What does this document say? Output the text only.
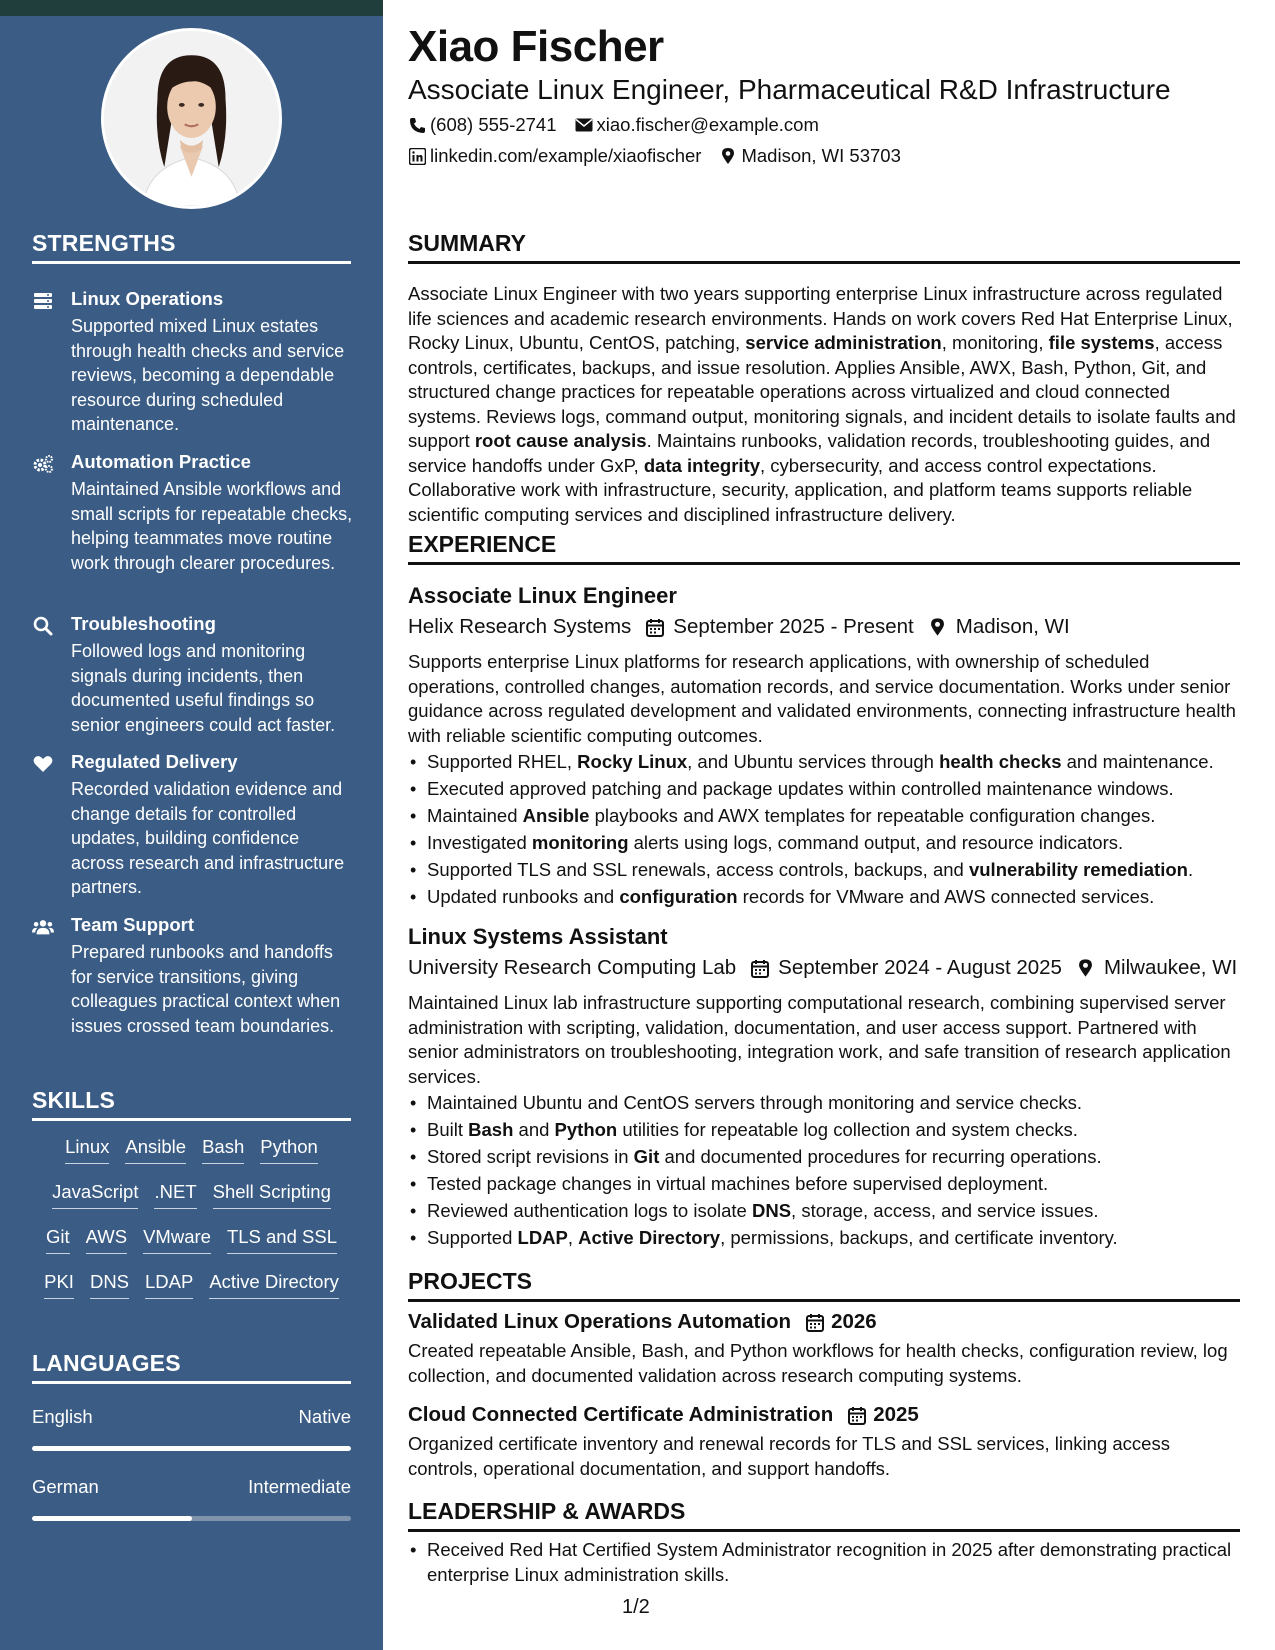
STRENGTHS
Linux Operations
Supported mixed Linux estates through health checks and service reviews, becoming a dependable resource during scheduled maintenance.
Automation Practice
Maintained Ansible workflows and small scripts for repeatable checks, helping teammates move routine work through clearer procedures.
Troubleshooting
Followed logs and monitoring signals during incidents, then documented useful findings so senior engineers could act faster.
Regulated Delivery
Recorded validation evidence and change details for controlled updates, building confidence across research and infrastructure partners.
Team Support
Prepared runbooks and handoffs for service transitions, giving colleagues practical context when issues crossed team boundaries.
SKILLS
Linux Ansible Bash Python
JavaScript .NET Shell Scripting
Git AWS VMware TLS and SSL
PKI DNS LDAP Active Directory
LANGUAGES
English	Native
German	Intermediate
Xiao Fischer
Associate Linux Engineer, Pharmaceutical R&D Infrastructure
(608) 555-2741 xiao.fischer@example.com
linkedin.com/example/xiaofischer Madison, WI 53703
SUMMARY
Associate Linux Engineer with two years supporting enterprise Linux infrastructure across regulated life sciences and academic research environments. Hands on work covers Red Hat Enterprise Linux, Rocky Linux, Ubuntu, CentOS, patching, service administration, monitoring, file systems, access controls, certificates, backups, and issue resolution. Applies Ansible, AWX, Bash, Python, Git, and structured change practices for repeatable operations across virtualized and cloud connected systems. Reviews logs, command output, monitoring signals, and incident details to isolate faults and support root cause analysis. Maintains runbooks, validation records, troubleshooting guides, and service handoffs under GxP, data integrity, cybersecurity, and access control expectations. Collaborative work with infrastructure, security, application, and platform teams supports reliable scientific computing services and disciplined infrastructure delivery.
EXPERIENCE
Associate Linux Engineer
Helix Research Systems September 2025 - Present Madison, WI
Supports enterprise Linux platforms for research applications, with ownership of scheduled operations, controlled changes, automation records, and service documentation. Works under senior guidance across regulated development and validated environments, connecting infrastructure health with reliable scientific computing outcomes.
• Supported RHEL, Rocky Linux, and Ubuntu services through health checks and maintenance.
• Executed approved patching and package updates within controlled maintenance windows.
• Maintained Ansible playbooks and AWX templates for repeatable configuration changes.
• Investigated monitoring alerts using logs, command output, and resource indicators.
• Supported TLS and SSL renewals, access controls, backups, and vulnerability remediation.
• Updated runbooks and configuration records for VMware and AWS connected services.
Linux Systems Assistant
University Research Computing Lab September 2024 - August 2025 Milwaukee, WI
Maintained Linux lab infrastructure supporting computational research, combining supervised server administration with scripting, validation, documentation, and user access support. Partnered with senior administrators on troubleshooting, integration work, and safe transition of research application services.
• Maintained Ubuntu and CentOS servers through monitoring and service checks.
• Built Bash and Python utilities for repeatable log collection and system checks.
• Stored script revisions in Git and documented procedures for recurring operations.
• Tested package changes in virtual machines before supervised deployment.
• Reviewed authentication logs to isolate DNS, storage, access, and service issues.
• Supported LDAP, Active Directory, permissions, backups, and certificate inventory.
PROJECTS
Validated Linux Operations Automation 2026
Created repeatable Ansible, Bash, and Python workflows for health checks, configuration review, log collection, and documented validation across research computing systems.
Cloud Connected Certificate Administration 2025
Organized certificate inventory and renewal records for TLS and SSL services, linking access controls, operational documentation, and support handoffs.
LEADERSHIP & AWARDS
• Received Red Hat Certified System Administrator recognition in 2025 after demonstrating practical enterprise Linux administration skills.
1/2
